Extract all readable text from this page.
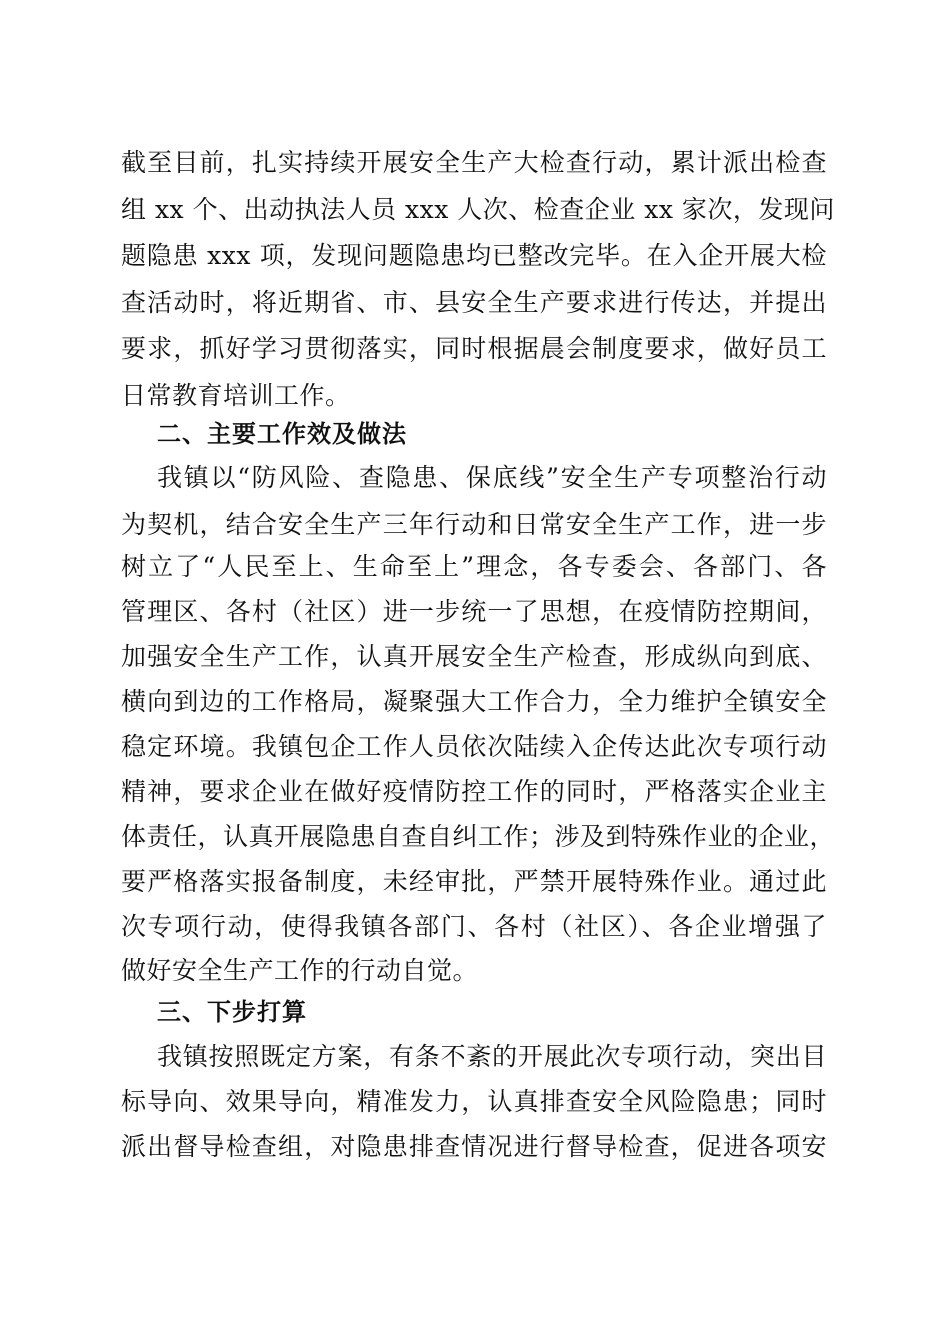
截至目前，扎实持续开展安全生产大检查行动，累计派出检查
组 xx 个、出动执法人员 xxx 人次、检查企业 xx 家次，发现问
题隐患 xxx 项，发现问题隐患均已整改完毕。在入企开展大检
查活动时，将近期省、市、县安全生产要求进行传达，并提出
要求，抓好学习贯彻落实，同时根据晨会制度要求，做好员工
日常教育培训工作。
二、主要工作效及做法
我镇以“防风险、查隐患、保底线”安全生产专项整治行动
为契机，结合安全生产三年行动和日常安全生产工作，进一步
树立了“人民至上、生命至上”理念，各专委会、各部门、各
管理区、各村（社区）进一步统一了思想，在疫情防控期间，
加强安全生产工作，认真开展安全生产检查，形成纵向到底、
横向到边的工作格局，凝聚强大工作合力，全力维护全镇安全
稳定环境。我镇包企工作人员依次陆续入企传达此次专项行动
精神，要求企业在做好疫情防控工作的同时，严格落实企业主
体责任，认真开展隐患自查自纠工作；涉及到特殊作业的企业，
要严格落实报备制度，未经审批，严禁开展特殊作业。通过此
次专项行动，使得我镇各部门、各村（社区）、各企业增强了
做好安全生产工作的行动自觉。
三、下步打算
我镇按照既定方案，有条不紊的开展此次专项行动，突出目
标导向、效果导向，精准发力，认真排查安全风险隐患；同时
派出督导检查组，对隐患排查情况进行督导检查，促进各项安
